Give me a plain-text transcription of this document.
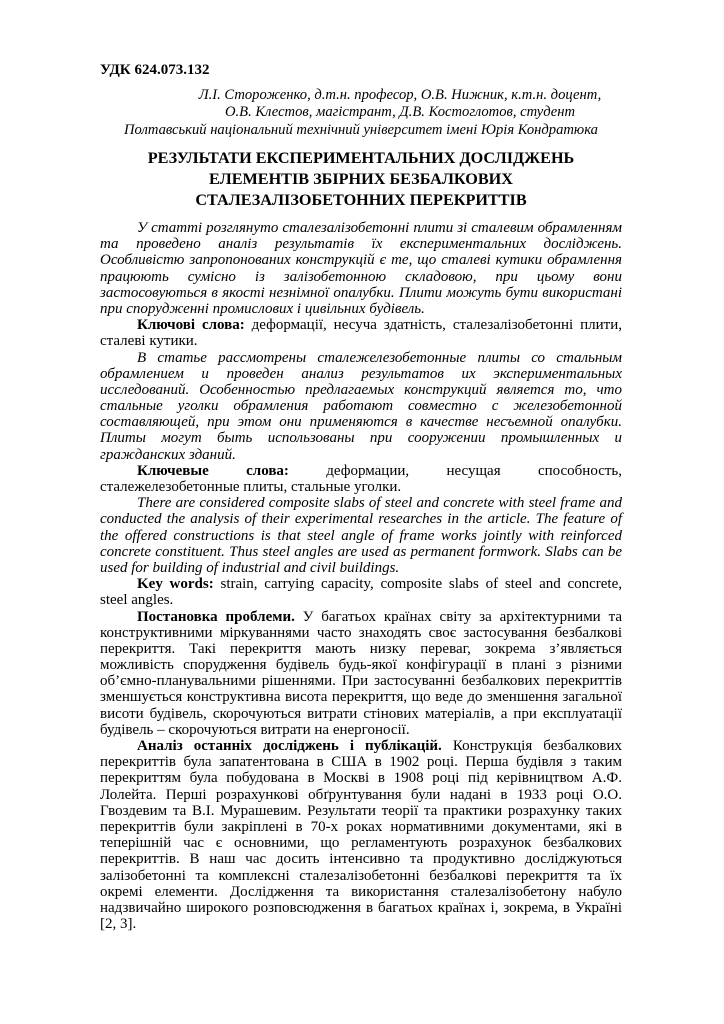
УДК 624.073.132

Л.І. Стороженко, д.т.н. професор, О.В. Нижник, к.т.н. доцент,

О.В. Клестов, магістрант, Д.В. Костоглотов, студент

Полтавський національний технічний університет імені Юрія Кондратюка

РЕЗУЛЬТАТИ ЕКСПЕРИМЕНТАЛЬНИХ ДОСЛІДЖЕНЬ ЕЛЕМЕНТІВ ЗБІРНИХ БЕЗБАЛКОВИХ СТАЛЕЗАЛІЗОБЕТОННИХ ПЕРЕКРИТТІВ

У статті розглянуто сталезалізобетонні плити зі сталевим обрамленням та проведено аналіз результатів їх експериментальних досліджень. Особливістю запропонованих конструкцій є те, що сталеві кутики обрамлення працюють сумісно із залізобетонною складовою, при цьому вони застосовуються в якості незнімної опалубки. Плити можуть бути використані при спорудженні промислових і цивільних будівель.

Ключові слова: деформації, несуча здатність, сталезалізобетонні плити, сталеві кутики.

В статье рассмотрены сталежелезобетонные плиты со стальным обрамлением и проведен анализ результатов их экспериментальных исследований. Особенностью предлагаемых конструкций является то, что стальные уголки обрамления работают совместно с железобетонной составляющей, при этом они применяются в качестве несъемной опалубки. Плиты могут быть использованы при сооружении промышленных и гражданских зданий.

Ключевые слова: деформации, несущая способность, сталежелезобетонные плиты, стальные уголки.

There are considered composite slabs of steel and concrete with steel frame and conducted the analysis of their experimental researches in the article. The feature of the offered constructions is that steel angle of frame works jointly with reinforced concrete constituent. Thus steel angles are used as permanent formwork. Slabs can be used for building of industrial and civil buildings.

Key words: strain, carrying capacity, composite slabs of steel and concrete, steel angles.

Постановка проблеми. У багатьох країнах світу за архітектурними та конструктивними міркуваннями часто знаходять своє застосування безбалкові перекриття. Такі перекриття мають низку переваг, зокрема з’являється можливість спорудження будівель будь-якої конфігурації в плані з різними об’ємно-планувальними рішеннями. При застосуванні безбалкових перекриттів зменшується конструктивна висота перекриття, що веде до зменшення загальної висоти будівель, скорочуються витрати стінових матеріалів, а при експлуатації будівель – скорочуються витрати на енергоносії.

Аналіз останніх досліджень і публікацій. Конструкція безбалкових перекриттів була запатентована в США в 1902 році. Перша будівля з таким перекриттям була побудована в Москві в 1908 році під керівництвом А.Ф. Лолейта. Перші розрахункові обґрунтування були надані в 1933 році О.О. Гвоздевим та В.І. Мурашевим. Результати теорії та практики розрахунку таких перекриттів були закріплені в 70-х роках нормативними документами, які в теперішній час є основними, що регламентують розрахунок безбалкових перекриттів. В наш час досить інтенсивно та продуктивно досліджуються залізобетонні та комплексні сталезалізобетонні безбалкові перекриття та їх окремі елементи. Дослідження та використання сталезалізобетону набуло надзвичайно широкого розповсюдження в багатьох країнах і, зокрема, в Україні [2, 3].
